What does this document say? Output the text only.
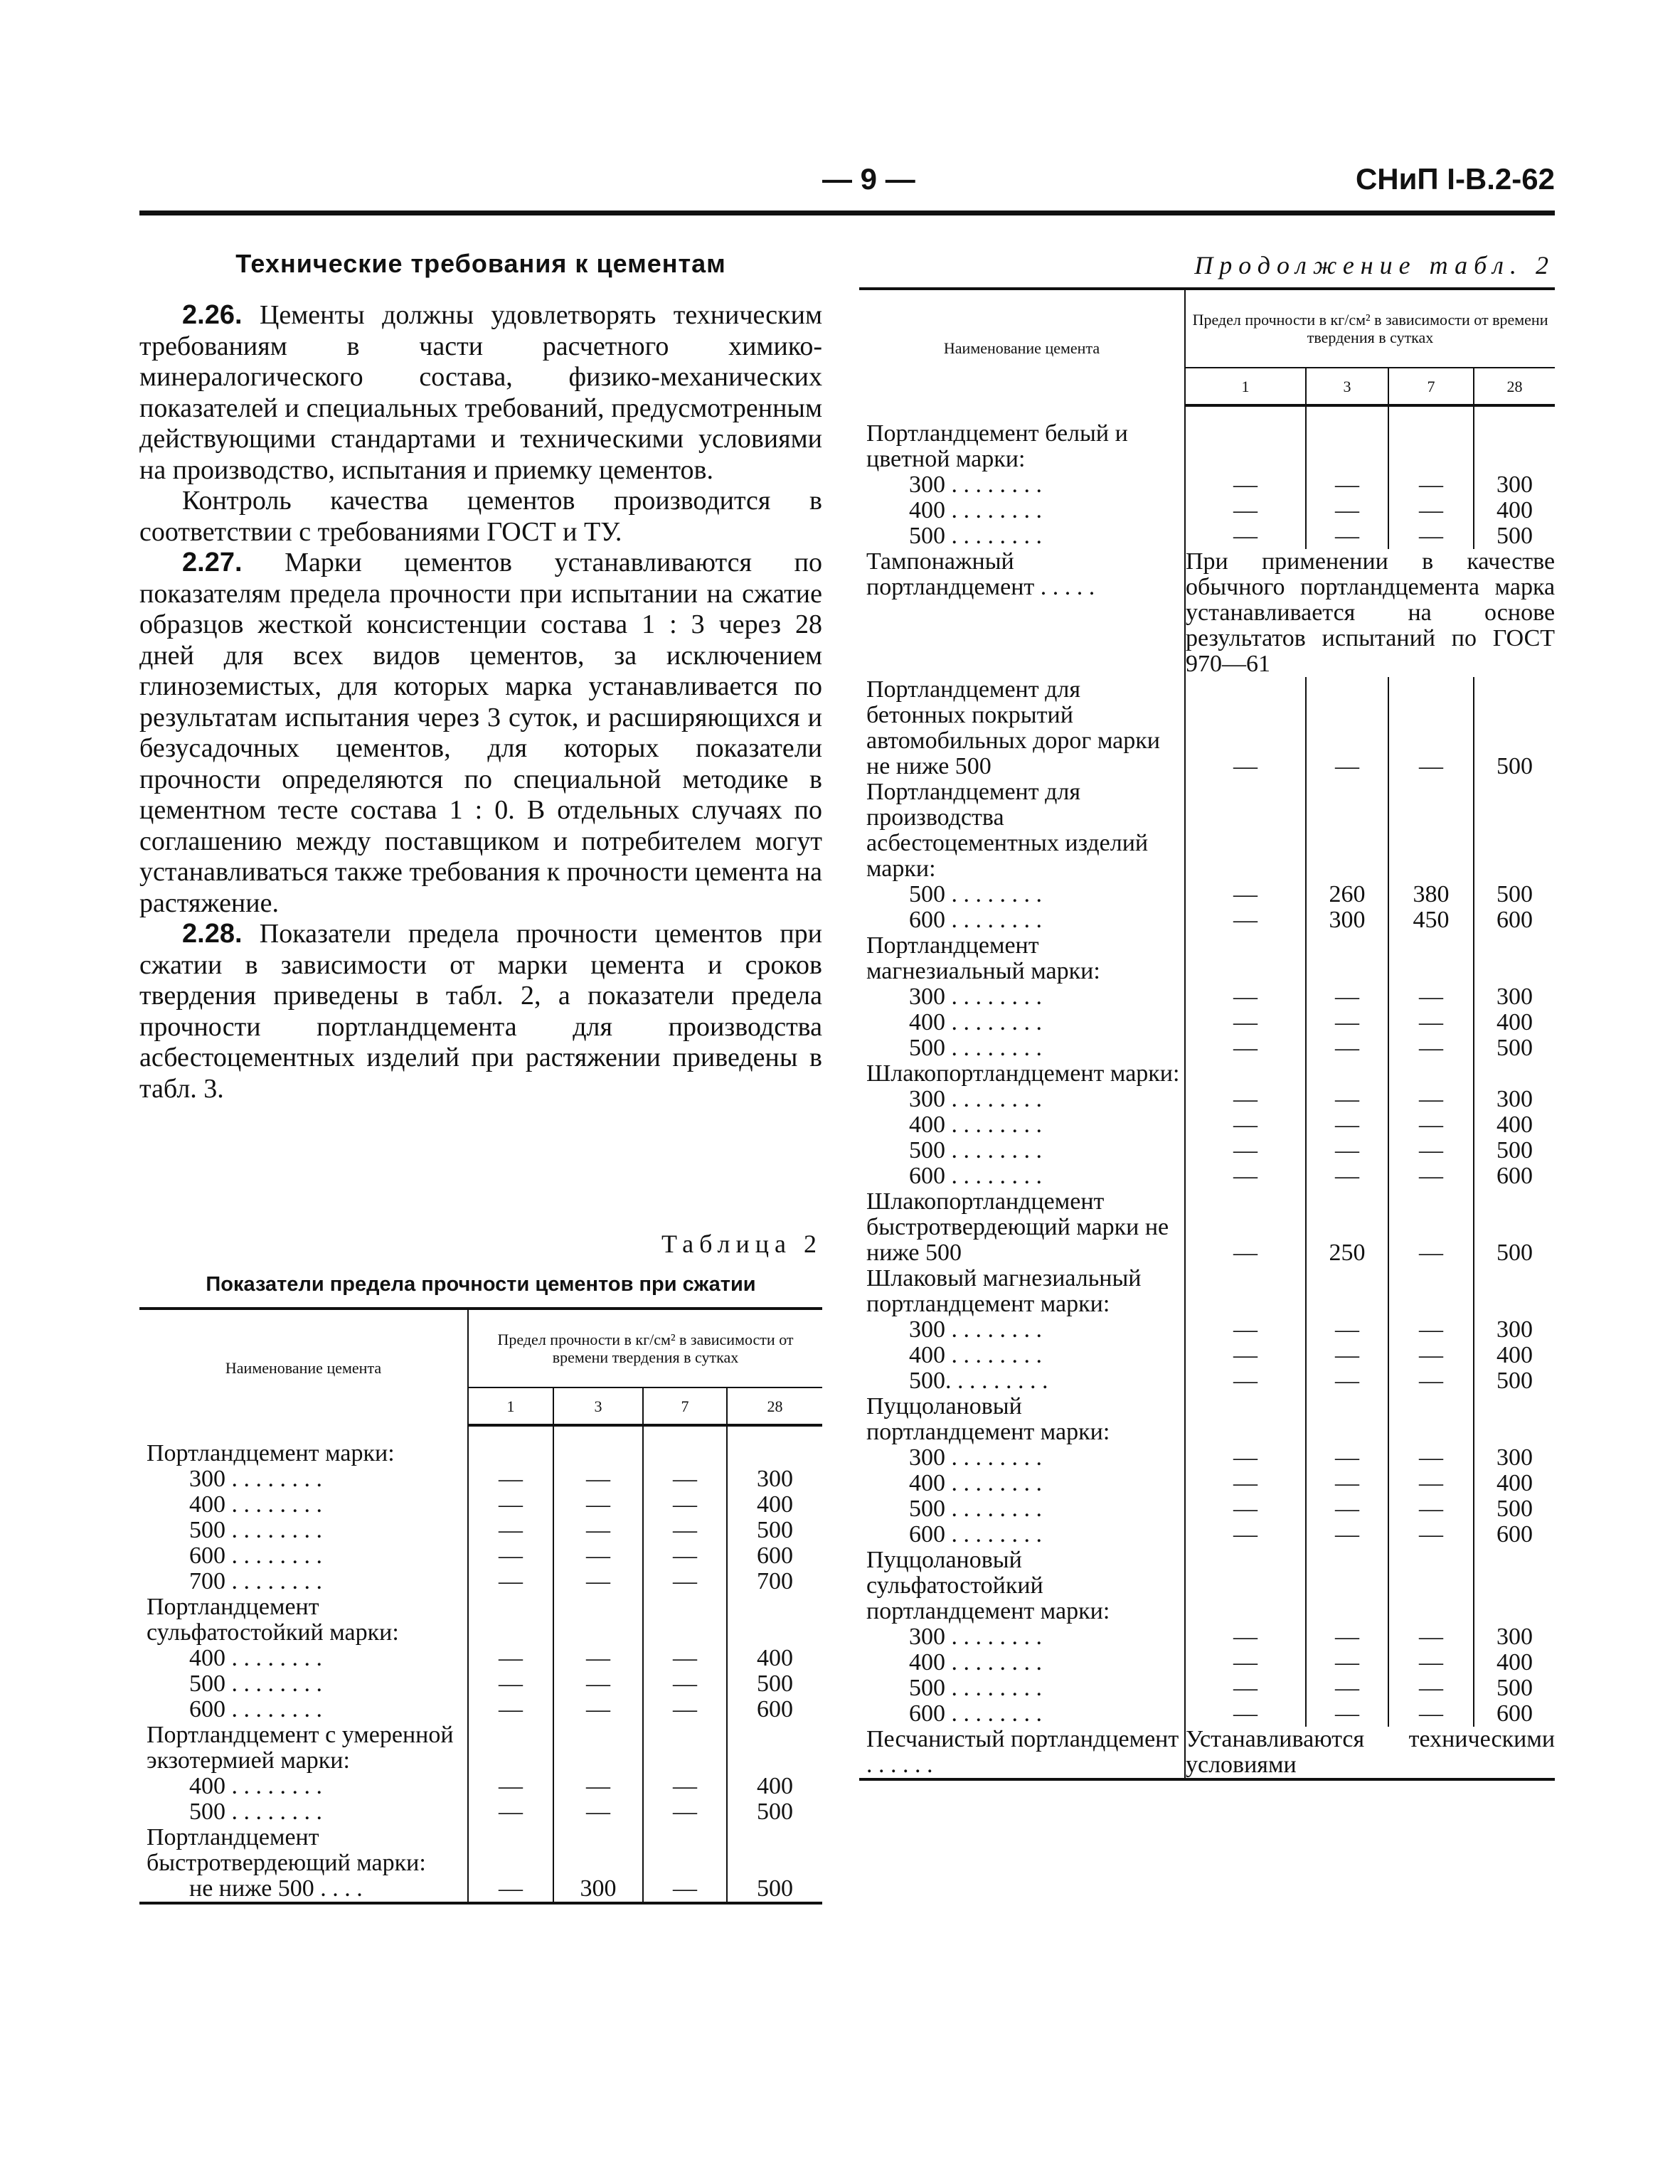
— 9 —	СНиП I-В.2-62
Технические требования к цементам

2.26. Цементы должны удовлетворять техническим требованиям в части расчетного химико-минералогического состава, физико-механических показателей и специальных требований, предусмотренным действующими стандартами и техническими условиями на производство, испытания и приемку цементов.

Контроль качества цементов производится в соответствии с требованиями ГОСТ и ТУ.

2.27. Марки цементов устанавливаются по показателям предела прочности при испытании на сжатие образцов жесткой консистенции состава 1 : 3 через 28 дней для всех видов цементов, за исключением глиноземистых, для которых марка устанавливается по результатам испытания через 3 суток, и расширяющихся и безусадочных цементов, для которых показатели прочности определяются по специальной методике в цементном тесте состава 1 : 0. В отдельных случаях по соглашению между поставщиком и потребителем могут устанавливаться также требования к прочности цемента на растяжение.

2.28. Показатели предела прочности цементов при сжатии в зависимости от марки цемента и сроков твердения приведены в табл. 2, а показатели предела прочности портландцемента для производства асбестоцементных изделий при растяжении приведены в табл. 3.

Таблица 2
Показатели предела прочности цементов при сжатии
Продолжение табл. 2
Наименование цемента	Предел прочности в кг/см² в зависимости от времени твердения в сутках			
	1	3	7	28

Портландцемент марки:				

300 . . . . . . . .	—	—	—	300

400 . . . . . . . .	—	—	—	400

500 . . . . . . . .	—	—	—	500

600 . . . . . . . .	—	—	—	600

700 . . . . . . . .	—	—	—	700

Портландцемент сульфатостойкий марки:				

400 . . . . . . . .	—	—	—	400

500 . . . . . . . .	—	—	—	500

600 . . . . . . . .	—	—	—	600

Портландцемент с умеренной экзотермией марки:				

400 . . . . . . . .	—	—	—	400

500 . . . . . . . .	—	—	—	500

Портландцемент быстротвердеющий марки:				

не ниже 500 . . . .	—	300	—	500
Наименование цемента	Предел прочности в кг/см² в зависимости от времени твердения в сутках			
	1	3	7	28

Портландцемент белый и цветной марки:				

300 . . . . . . . .	—	—	—	300

400 . . . . . . . .	—	—	—	400

500 . . . . . . . .	—	—	—	500

Тампонажный портландцемент . . . . .	При применении в качестве обычного портландцемента марка устанавливается на основе результатов испытаний по ГОСТ 970—61			

Портландцемент для бетонных покрытий автомобильных дорог марки не ниже 500	—	—	—	500

Портландцемент для производства асбестоцементных изделий марки:				

500 . . . . . . . .	—	260	380	500

600 . . . . . . . .	—	300	450	600

Портландцемент магнезиальный марки:				

300 . . . . . . . .	—	—	—	300

400 . . . . . . . .	—	—	—	400

500 . . . . . . . .	—	—	—	500

Шлакопортландцемент марки:				

300 . . . . . . . .	—	—	—	300

400 . . . . . . . .	—	—	—	400

500 . . . . . . . .	—	—	—	500

600 . . . . . . . .	—	—	—	600

Шлакопортландцемент быстротвердеющий марки не ниже 500	—	250	—	500

Шлаковый магнезиальный портландцемент марки:				

300 . . . . . . . .	—	—	—	300

400 . . . . . . . .	—	—	—	400

500. . . . . . . . .	—	—	—	500

Пуццолановый портландцемент марки:				

300 . . . . . . . .	—	—	—	300

400 . . . . . . . .	—	—	—	400

500 . . . . . . . .	—	—	—	500

600 . . . . . . . .	—	—	—	600

Пуццолановый сульфатостойкий портландцемент марки:				

300 . . . . . . . .	—	—	—	300

400 . . . . . . . .	—	—	—	400

500 . . . . . . . .	—	—	—	500

600 . . . . . . . .	—	—	—	600

Песчанистый портландцемент . . . . . .	Устанавливаются техническими условиями			
